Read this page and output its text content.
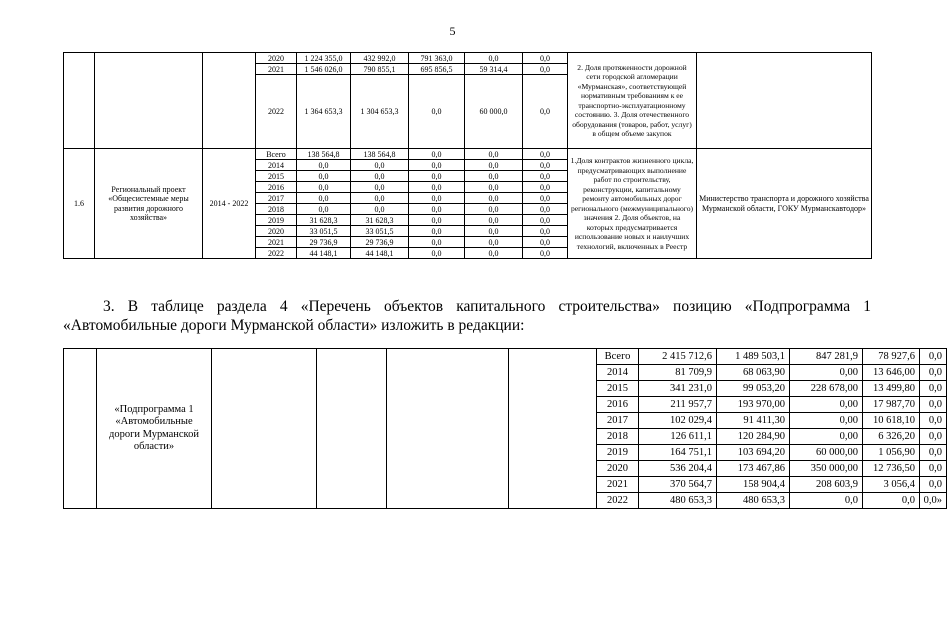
5
			2020	1 224 355,0	432 992,0	791 363,0	0,0	0,0	2. Доля протяженности дорожной сети городской агломерации «Мурманская», соответствующей нормативным требованиям к ее транспортно-эксплуатационному состоянию. 3. Доля отечественного оборудования (товаров, работ, услуг) в общем объеме закупок	
			2021	1 546 026,0	790 855,1	695 856,5	59 314,4	0,0		
			2022	1 364 653,3	1 304 653,3	0,0	60 000,0	0,0		
1.6	Региональный проект «Общесистемные меры развития дорожного хозяйства»	2014 - 2022	Всего	138 564,8	138 564,8	0,0	0,0	0,0	1.Доля контрактов жизненного цикла, предусматривающих выполнение работ по строительству, реконструкции, капитальному ремонту автомобильных дорог регионального (межмуниципального) значения 2. Доля объектов, на которых предусматривается использование новых и наилучших технологий, включенных в Реестр	Министерство транспорта и дорожного хозяйства Мурманской области, ГОКУ Мурманскавтодор»
			2014	0,0	0,0	0,0	0,0	0,0		
			2015	0,0	0,0	0,0	0,0	0,0		
			2016	0,0	0,0	0,0	0,0	0,0		
			2017	0,0	0,0	0,0	0,0	0,0		
			2018	0,0	0,0	0,0	0,0	0,0		
			2019	31 628,3	31 628,3	0,0	0,0	0,0		
			2020	33 051,5	33 051,5	0,0	0,0	0,0		
			2021	29 736,9	29 736,9	0,0	0,0	0,0		
			2022	44 148,1	44 148,1	0,0	0,0	0,0		
3. В таблице раздела 4 «Перечень объектов капитального строительства» позицию «Подпрограмма 1
«Автомобильные дороги Мурманской области» изложить в редакции:
	«Подпрограмма 1 «Автомобильные дороги Мурманской области»					Всего	2 415 712,6	1 489 503,1	847 281,9	78 927,6	0,0
						2014	81 709,9	68 063,90	0,00	13 646,00	0,0
						2015	341 231,0	99 053,20	228 678,00	13 499,80	0,0
						2016	211 957,7	193 970,00	0,00	17 987,70	0,0
						2017	102 029,4	91 411,30	0,00	10 618,10	0,0
						2018	126 611,1	120 284,90	0,00	6 326,20	0,0
						2019	164 751,1	103 694,20	60 000,00	1 056,90	0,0
						2020	536 204,4	173 467,86	350 000,00	12 736,50	0,0
						2021	370 564,7	158 904,4	208 603,9	3 056,4	0,0
						2022	480 653,3	480 653,3	0,0	0,0	0,0»
